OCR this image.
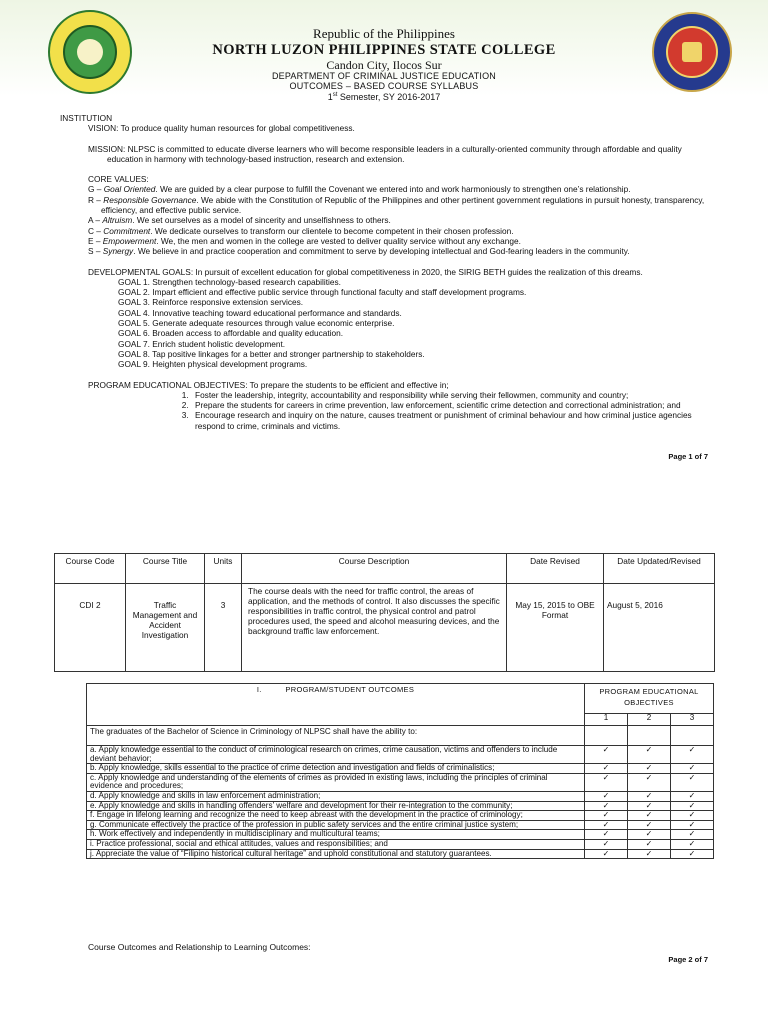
Republic of the Philippines
NORTH LUZON PHILIPPINES STATE COLLEGE
Candon City, Ilocos Sur
DEPARTMENT OF CRIMINAL JUSTICE EDUCATION
OUTCOMES – BASED COURSE SYLLABUS
1st Semester, SY 2016-2017

INSTITUTION

VISION: To produce quality human resources for global competitiveness.

MISSION: NLPSC is committed to educate diverse learners who will become responsible leaders in a culturally-oriented community through affordable and quality education in harmony with technology-based instruction, research and extension.

CORE VALUES:

G – Goal Oriented. We are guided by a clear purpose to fulfill the Covenant we entered into and work harmoniously to strengthen one’s relationship.

R – Responsible Governance. We abide with the Constitution of Republic of the Philippines and other pertinent government regulations in pursuit honesty, transparency, efficiency, and effective public service.

A – Altruism. We set ourselves as a model of sincerity and unselfishness to others.

C – Commitment. We dedicate ourselves to transform our clientele to become competent in their chosen profession.

E – Empowerment. We, the men and women in the college are vested to deliver quality service without any exchange.

S – Synergy. We believe in and practice cooperation and commitment to serve by developing intellectual and God-fearing leaders in the community.

DEVELOPMENTAL GOALS: In pursuit of excellent education for global competitiveness in 2020, the SIRIG BETH guides the realization of this dreams.

GOAL 1. Strengthen technology-based research capabilities.

GOAL 2. Impart efficient and effective public service through functional faculty and staff development programs.

GOAL 3. Reinforce responsive extension services.

GOAL 4. Innovative teaching toward educational performance and standards.

GOAL 5. Generate adequate resources through value economic enterprise.

GOAL 6. Broaden access to affordable and quality education.

GOAL 7. Enrich student holistic development.

GOAL 8. Tap positive linkages for a better and stronger partnership to stakeholders.

GOAL 9. Heighten physical development programs.

PROGRAM EDUCATIONAL OBJECTIVES: To prepare the students to be efficient and effective in;

1. Foster the leadership, integrity, accountability and responsibility while serving their fellowmen, community and country;
2. Prepare the students for careers in crime prevention, law enforcement, scientific crime detection and correctional administration; and
3. Encourage research and inquiry on the nature, causes treatment or punishment of criminal behaviour and how criminal justice agencies respond to crime, criminals and victims.
Page 1 of 7
Course Code	Course Title	Units	Course Description	Date Revised	Date Updated/Revised
CDI 2	Traffic Management and Accident Investigation	3	The course deals with the need for traffic control, the areas of application, and the methods of control. It also discusses the specific responsibilities in traffic control, the physical control and patrol procedures used, the speed and alcohol measuring devices, and the background traffic law enforcement.	May 15, 2015 to OBE Format	August 5, 2016
I.          PROGRAM/STUDENT OUTCOMES	PROGRAM EDUCATIONAL OBJECTIVES		
	1	2	3
The graduates of the Bachelor of Science in Criminology of NLPSC shall have the ability to:			
a. Apply knowledge essential to the conduct of criminological research on crimes, crime causation, victims and offenders to include deviant behavior;	✓	✓	✓
b. Apply knowledge, skills essential to the practice of crime detection and investigation and fields of criminalistics;	✓	✓	✓
c. Apply knowledge and understanding of the elements of crimes as provided in existing laws, including the principles of criminal evidence and procedures;	✓	✓	✓
d. Apply knowledge and skills in law enforcement administration;	✓	✓	✓
e. Apply knowledge and skills in handling offenders’ welfare and development for their re-integration to the community;	✓	✓	✓
f. Engage in lifelong learning and recognize the need to keep abreast with the development in the practice of criminology;	✓	✓	✓
g. Communicate effectively the practice of the profession in public safety services and the entire criminal justice system;	✓	✓	✓
h. Work effectively and independently in multidisciplinary and multicultural teams;	✓	✓	✓
i. Practice professional, social and ethical attitudes, values and responsibilities; and	✓	✓	✓
j. Appreciate the value of “Filipino historical cultural heritage” and uphold constitutional and statutory guarantees.	✓	✓	✓
Course Outcomes and Relationship to Learning Outcomes:
Page 2 of 7
